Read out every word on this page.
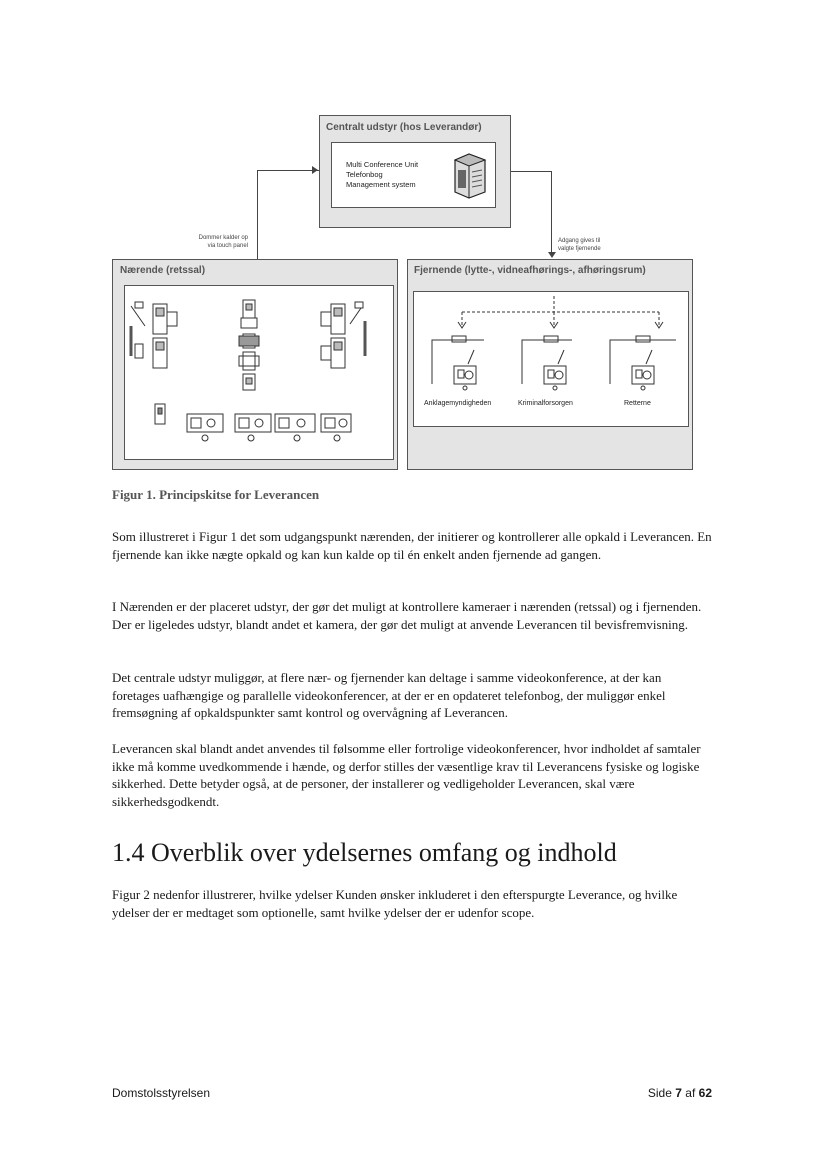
Centralt udstyr (hos Leverandør)
Multi Conference Unit
Telefonbog
Management system
Dommer kalder op
via touch panel
Adgang gives til
valgte fjernende
Nærende (retssal)	Fjernende (lytte-, vidneafhørings-, afhøringsrum)
Anklagemyndigheden	Kriminalforsorgen	Retterne
Figur 1. Principskitse for Leverancen

Som illustreret i Figur 1 det som udgangspunkt nærenden, der initierer og kontrollerer alle opkald i Leverancen. En fjernende kan ikke nægte opkald og kan kun kalde op til én enkelt anden fjernende ad gangen.

I Nærenden er der placeret udstyr, der gør det muligt at kontrollere kameraer i nærenden (retssal) og i fjernenden. Der er ligeledes udstyr, blandt andet et kamera, der gør det muligt at anvende Leverancen til bevisfremvisning.

Det centrale udstyr muliggør, at flere nær- og fjernender kan deltage i samme videokonference, at der kan foretages uafhængige og parallelle videokonferencer, at der er en opdateret telefonbog, der muliggør enkel fremsøgning af opkaldspunkter samt kontrol og overvågning af Leverancen.

Leverancen skal blandt andet anvendes til følsomme eller fortrolige videokonferencer, hvor indholdet af samtaler ikke må komme uvedkommende i hænde, og derfor stilles der væsentlige krav til Leverancens fysiske og logiske sikkerhed. Dette betyder også, at de personer, der installerer og vedligeholder Leverancen, skal være sikkerhedsgodkendt.

1.4 Overblik over ydelsernes omfang og indhold

Figur 2 nedenfor illustrerer, hvilke ydelser Kunden ønsker inkluderet i den efterspurgte Leverance, og hvilke ydelser der er medtaget som optionelle, samt hvilke ydelser der er udenfor scope.

Domstolsstyrelsen	Side 7 af 62
